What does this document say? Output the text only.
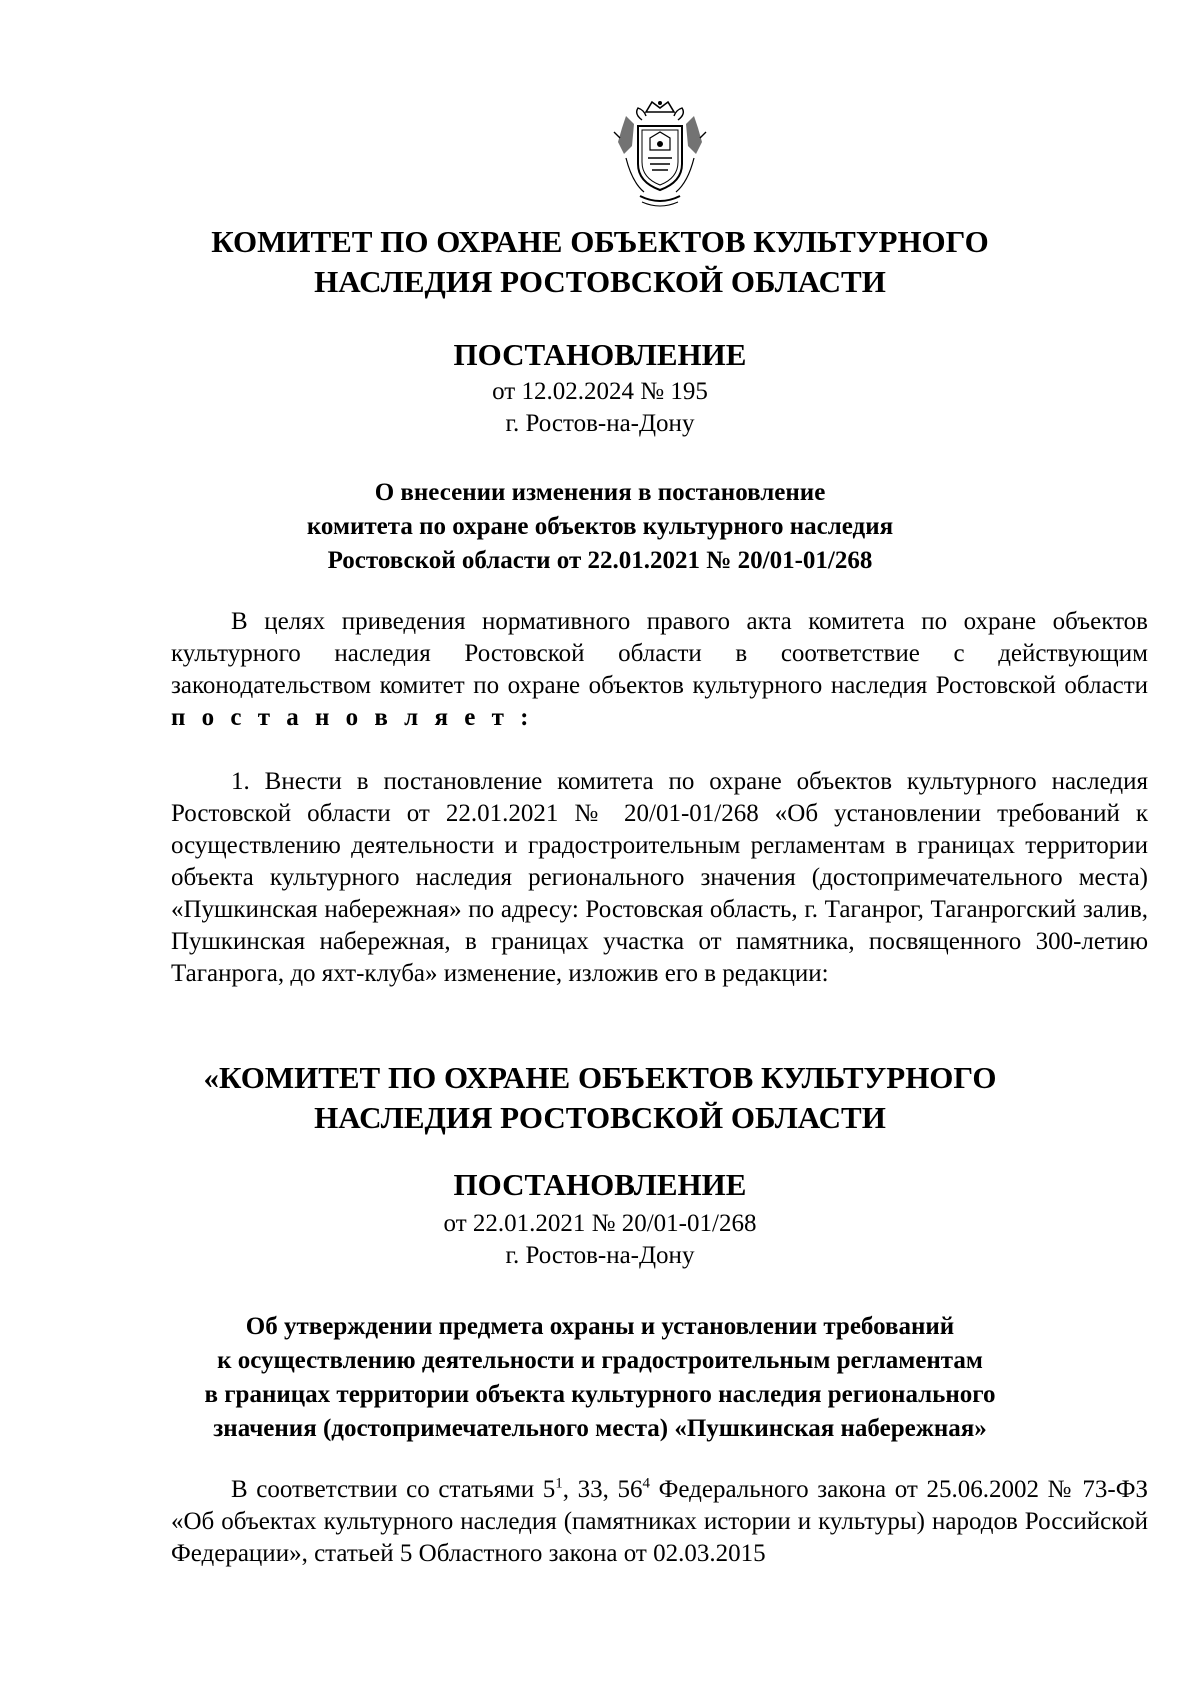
КОМИТЕТ ПО ОХРАНЕ ОБЪЕКТОВ КУЛЬТУРНОГО
НАСЛЕДИЯ РОСТОВСКОЙ ОБЛАСТИ
ПОСТАНОВЛЕНИЕ
от 12.02.2024 № 195
г. Ростов-на-Дону
О внесении изменения в постановление
комитета по охране объектов культурного наследия
Ростовской области от 22.01.2021 № 20/01-01/268
В целях приведения нормативного правого акта комитета по охране объектов культурного наследия Ростовской области в соответствие с действующим законодательством комитет по охране объектов культурного наследия Ростовской области п о с т а н о в л я е т :
1. Внести в постановление комитета по охране объектов культурного наследия Ростовской области от 22.01.2021 № 20/01-01/268 «Об установлении требований к осуществлению деятельности и градостроительным регламентам в границах территории объекта культурного наследия регионального значения (достопримечательного места) «Пушкинская набережная» по адресу: Ростовская область, г. Таганрог, Таганрогский залив, Пушкинская набережная, в границах участка от памятника, посвященного 300-летию Таганрога, до яхт-клуба» изменение, изложив его в редакции:
«КОМИТЕТ ПО ОХРАНЕ ОБЪЕКТОВ КУЛЬТУРНОГО
НАСЛЕДИЯ РОСТОВСКОЙ ОБЛАСТИ
ПОСТАНОВЛЕНИЕ
от 22.01.2021 № 20/01-01/268
г. Ростов-на-Дону
Об утверждении предмета охраны и установлении требований
к осуществлению деятельности и градостроительным регламентам
в границах территории объекта культурного наследия регионального
значения (достопримечательного места) «Пушкинская набережная»
В соответствии со статьями $5^1$, 33, $56^4$ Федерального закона от 25.06.2002 № 73-ФЗ «Об объектах культурного наследия (памятниках истории и культуры) народов Российской Федерации», статьей 5 Областного закона от 02.03.2015
